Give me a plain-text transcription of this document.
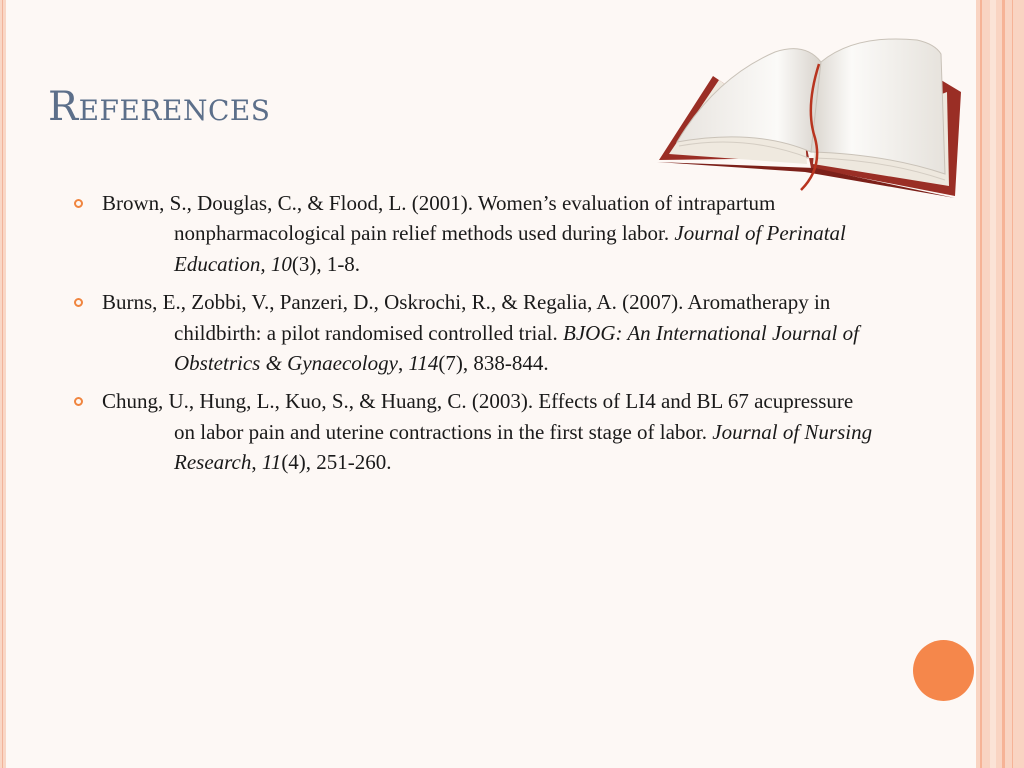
References
Brown, S., Douglas, C., & Flood, L. (2001). Women’s evaluation of intrapartum nonpharmacological pain relief methods used during labor. Journal of Perinatal Education, 10(3), 1-8.
Burns, E., Zobbi, V., Panzeri, D., Oskrochi, R., & Regalia, A. (2007). Aromatherapy in childbirth: a pilot randomised controlled trial. BJOG: An International Journal of Obstetrics & Gynaecology, 114(7), 838-844.
Chung, U., Hung, L., Kuo, S., & Huang, C. (2003). Effects of LI4 and BL 67 acupressure on labor pain and uterine contractions in the first stage of labor. Journal of Nursing Research, 11(4), 251-260.
